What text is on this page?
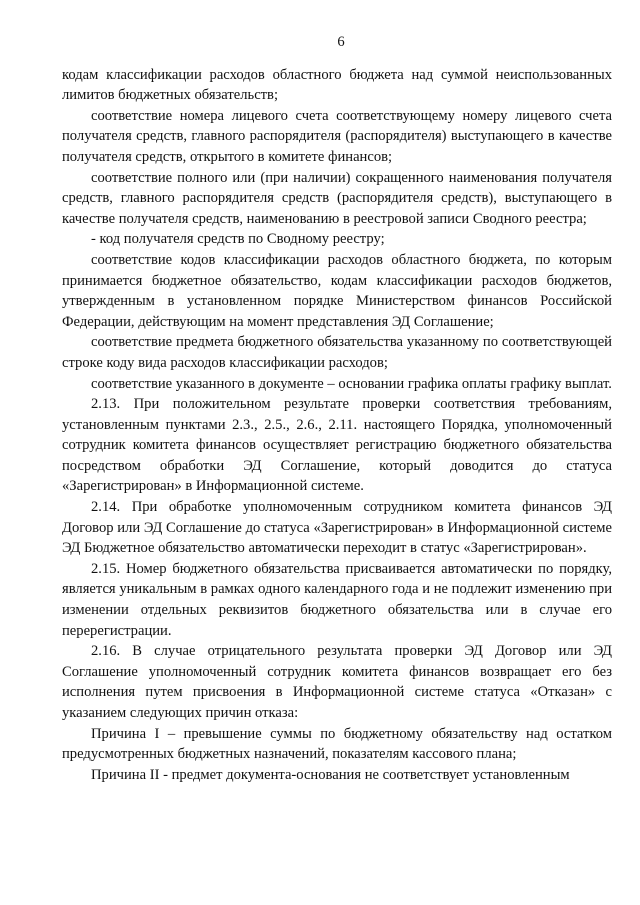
6

кодам классификации расходов областного бюджета над суммой неиспользованных лимитов бюджетных обязательств;

соответствие номера лицевого счета соответствующему номеру лицевого счета получателя средств, главного распорядителя (распорядителя) выступающего в качестве получателя средств, открытого в комитете финансов;

соответствие полного или (при наличии) сокращенного наименования получателя средств, главного распорядителя средств (распорядителя средств), выступающего в качестве получателя средств, наименованию в реестровой записи Сводного реестра;

- код получателя средств по Сводному реестру;

соответствие кодов классификации расходов областного бюджета, по которым принимается бюджетное обязательство, кодам классификации расходов бюджетов, утвержденным в установленном порядке Министерством финансов Российской Федерации, действующим на момент представления ЭД Соглашение;

соответствие предмета бюджетного обязательства указанному по соответствующей строке коду вида расходов классификации расходов;

соответствие указанного в документе – основании графика оплаты графику выплат.

2.13. При положительном результате проверки соответствия требованиям, установленным пунктами 2.3., 2.5., 2.6., 2.11. настоящего Порядка, уполномоченный сотрудник комитета финансов осуществляет регистрацию бюджетного обязательства посредством обработки ЭД Соглашение, который доводится до статуса «Зарегистрирован» в Информационной системе.

2.14. При обработке уполномоченным сотрудником комитета финансов ЭД Договор или ЭД Соглашение до статуса «Зарегистрирован» в Информационной системе ЭД Бюджетное обязательство автоматически переходит в статус «Зарегистрирован».

2.15. Номер бюджетного обязательства присваивается автоматически по порядку, является уникальным в рамках одного календарного года и не подлежит изменению при изменении отдельных реквизитов бюджетного обязательства или в случае его перерегистрации.

2.16. В случае отрицательного результата проверки ЭД Договор или ЭД Соглашение уполномоченный сотрудник комитета финансов возвращает его без исполнения путем присвоения в Информационной системе статуса «Отказан» с указанием следующих причин отказа:

Причина I – превышение суммы по бюджетному обязательству над остатком предусмотренных бюджетных назначений, показателям кассового плана;

Причина II - предмет документа-основания не соответствует установленным
